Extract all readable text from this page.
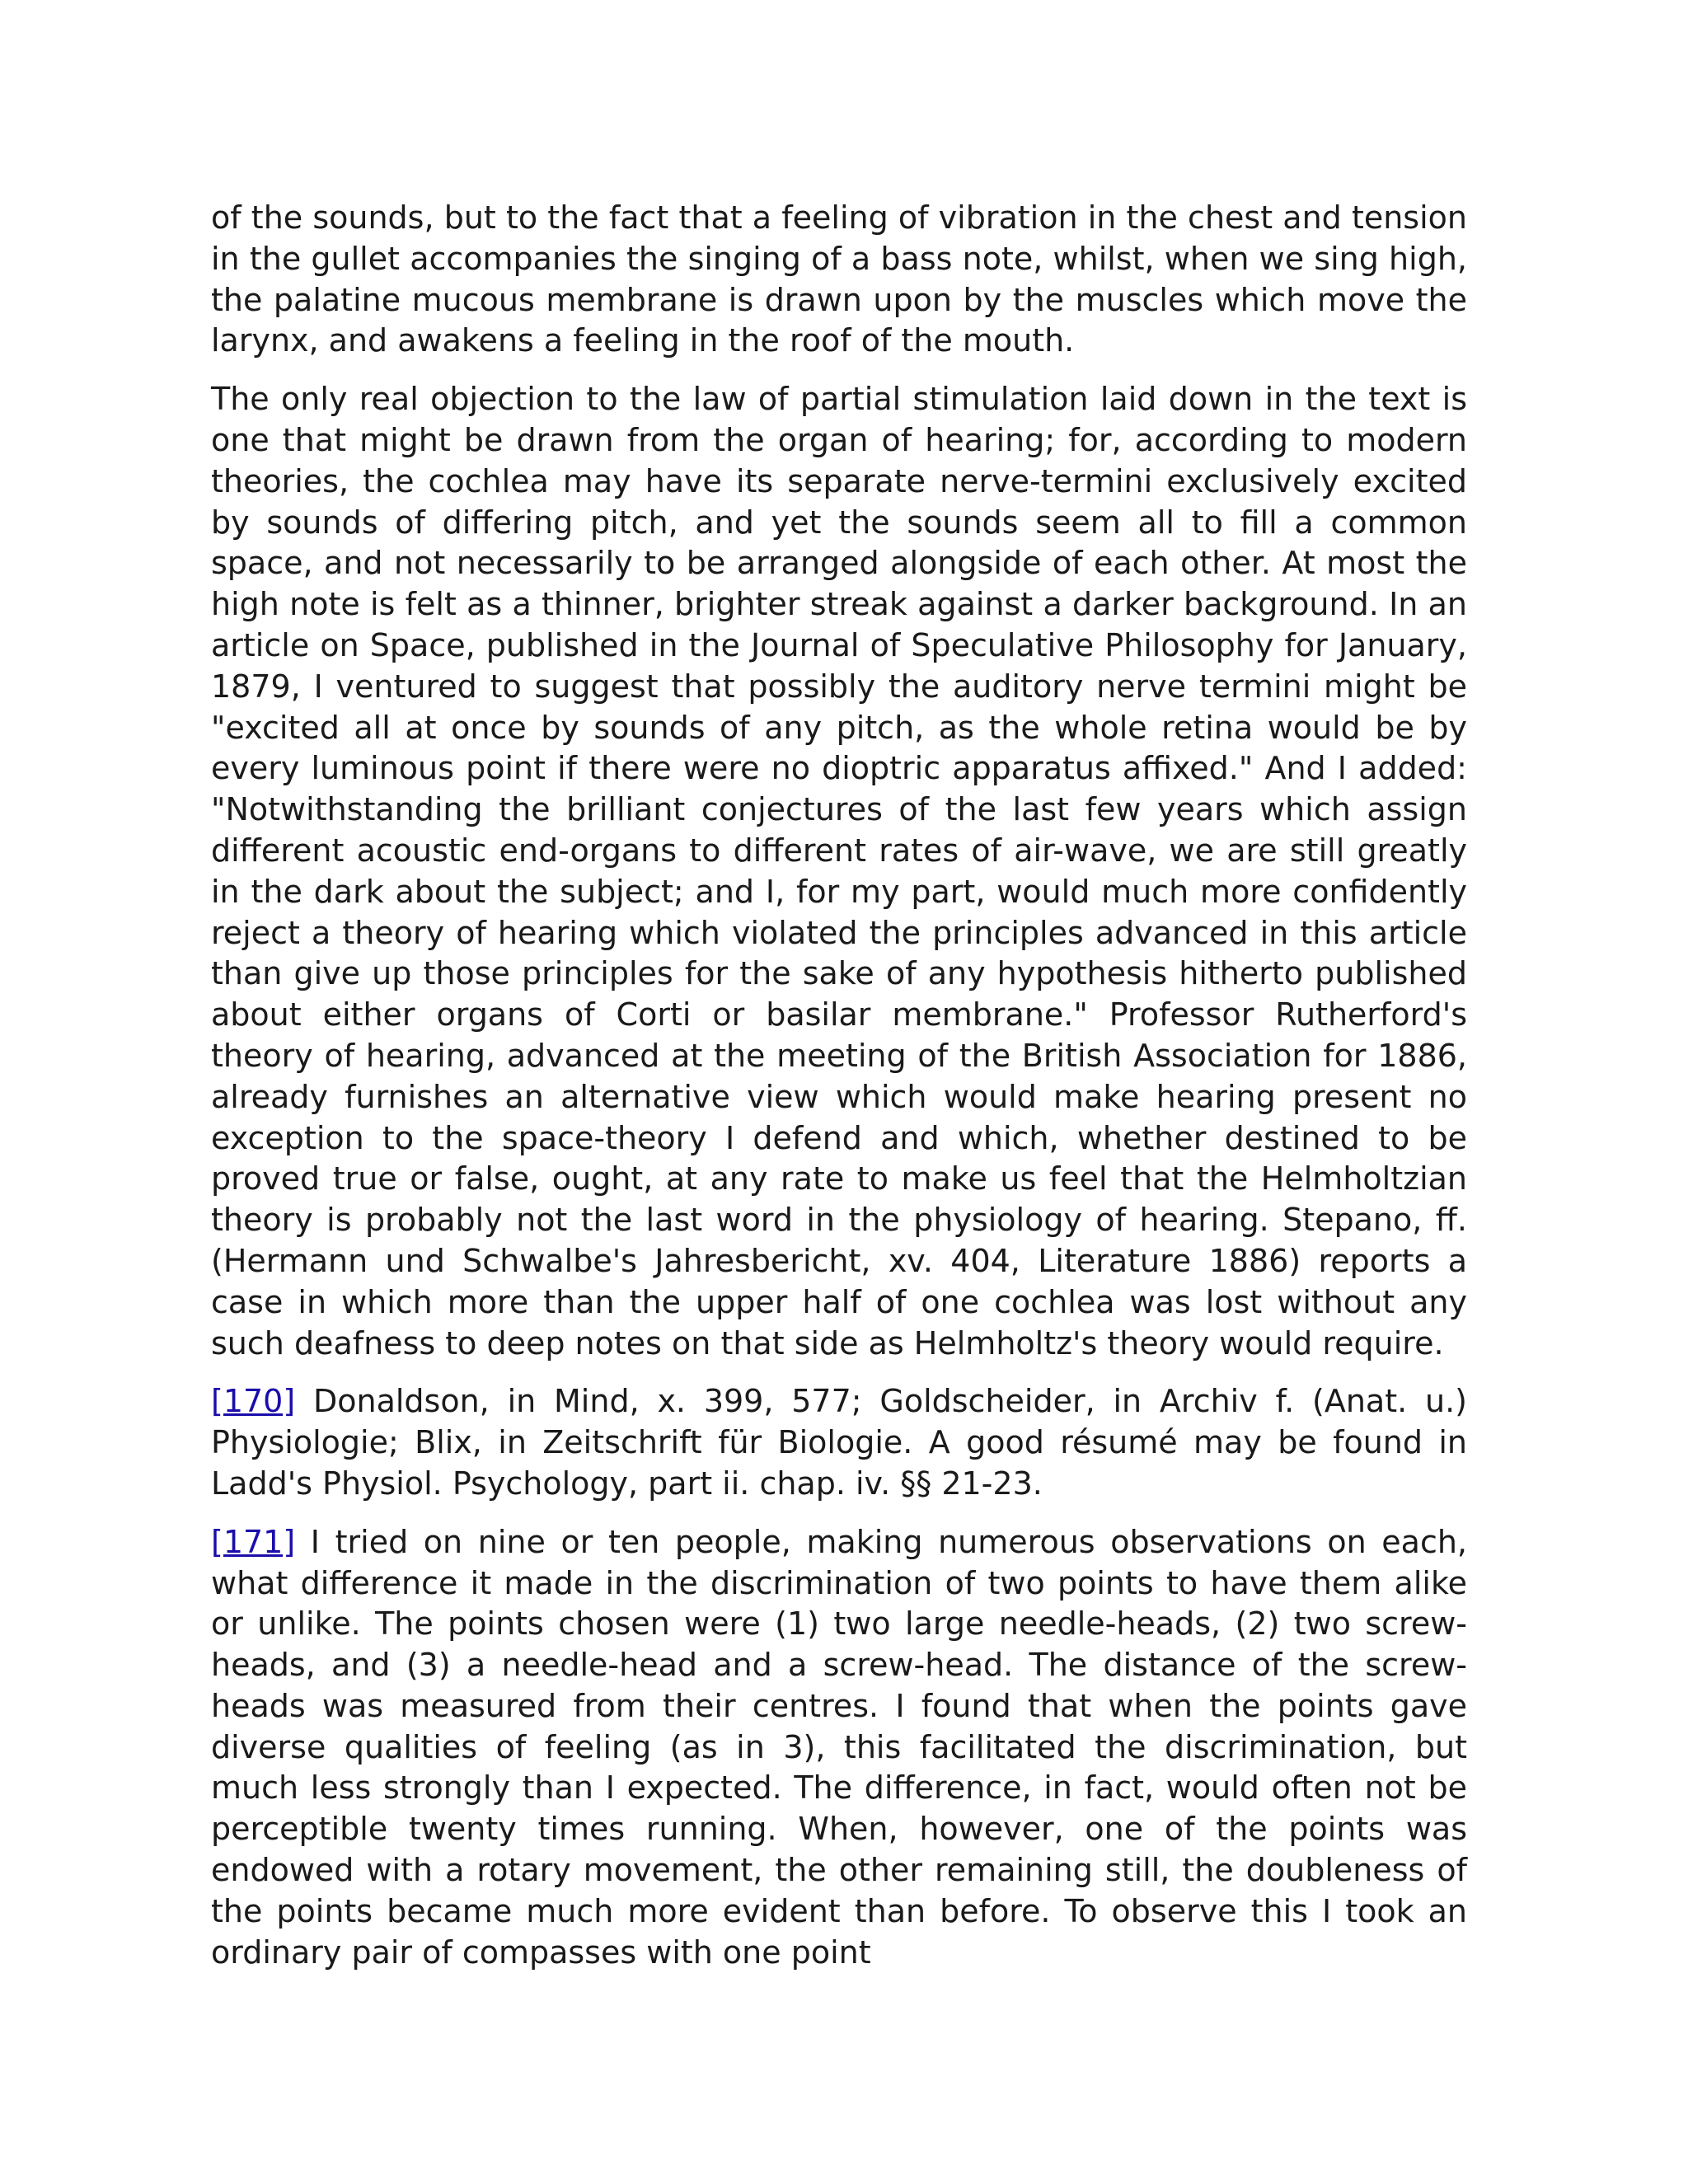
of the sounds, but to the fact that a feeling of vibration in the chest and tension in the gullet accompanies the singing of a bass note, whilst, when we sing high, the palatine mucous membrane is drawn upon by the muscles which move the larynx, and awakens a feeling in the roof of the mouth.

The only real objection to the law of partial stimulation laid down in the text is one that might be drawn from the organ of hearing; for, according to modern theories, the cochlea may have its separate nerve-termini exclusively excited by sounds of differing pitch, and yet the sounds seem all to fill a common space, and not necessarily to be arranged alongside of each other. At most the high note is felt as a thinner, brighter streak against a darker background. In an article on Space, published in the Journal of Speculative Philosophy for January, 1879, I ventured to suggest that possibly the auditory nerve termini might be "excited all at once by sounds of any pitch, as the whole retina would be by every luminous point if there were no dioptric apparatus affixed." And I added: "Notwithstanding the brilliant conjectures of the last few years which assign different acoustic end-organs to different rates of air-wave, we are still greatly in the dark about the subject; and I, for my part, would much more confidently reject a theory of hearing which violated the principles advanced in this article than give up those principles for the sake of any hypothesis hitherto published about either organs of Corti or basilar membrane." Professor Rutherford's theory of hearing, advanced at the meeting of the British Association for 1886, already furnishes an alternative view which would make hearing present no exception to the space-theory I defend and which, whether destined to be proved true or false, ought, at any rate to make us feel that the Helmholtzian theory is probably not the last word in the physiology of hearing. Stepano, ff. (Hermann und Schwalbe's Jahresbericht, xv. 404, Literature 1886) reports a case in which more than the upper half of one cochlea was lost without any such deafness to deep notes on that side as Helmholtz's theory would require.

[170] Donaldson, in Mind, x. 399, 577; Goldscheider, in Archiv f. (Anat. u.) Physiologie; Blix, in Zeitschrift für Biologie. A good résumé may be found in Ladd's Physiol. Psychology, part ii. chap. iv. §§ 21-23.

[171] I tried on nine or ten people, making numerous observations on each, what difference it made in the discrimination of two points to have them alike or unlike. The points chosen were (1) two large needle-heads, (2) two screw-heads, and (3) a needle-head and a screw-head. The distance of the screw-heads was measured from their centres. I found that when the points gave diverse qualities of feeling (as in 3), this facilitated the discrimination, but much less strongly than I expected. The difference, in fact, would often not be perceptible twenty times running. When, however, one of the points was endowed with a rotary movement, the other remaining still, the doubleness of the points became much more evident than before. To observe this I took an ordinary pair of compasses with one point
